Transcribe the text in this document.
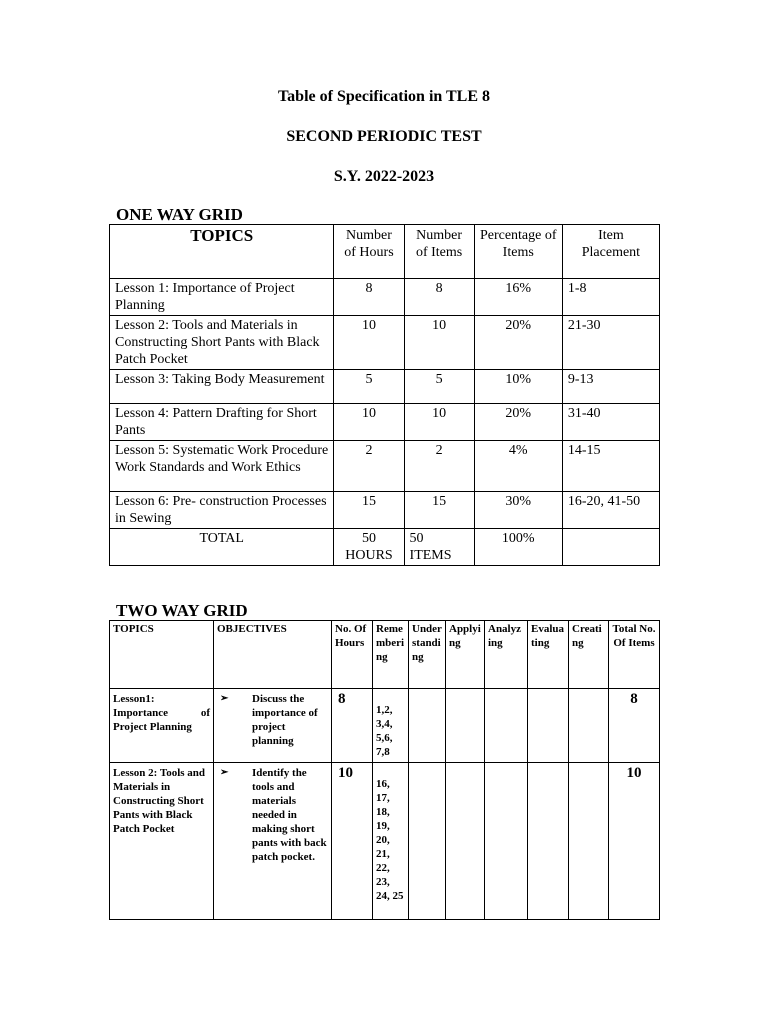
Table of Specification in TLE 8
SECOND PERIODIC TEST
S.Y. 2022-2023
ONE WAY GRID
TOPICS	Number of Hours	Number of Items	Percentage of Items	Item Placement
Lesson 1: Importance of Project Planning	8	8	16%	1-8
Lesson 2: Tools and Materials in Constructing Short Pants with Black Patch Pocket	10	10	20%	21-30
Lesson 3: Taking Body Measurement	5	5	10%	9-13
Lesson 4: Pattern Drafting for Short Pants	10	10	20%	31-40
Lesson 5: Systematic Work Procedure Work Standards and Work Ethics	2	2	4%	14-15
Lesson 6: Pre- construction Processes in Sewing	15	15	30%	16-20, 41-50
TOTAL	50 HOURS	50 ITEMS	100%	
TWO WAY GRID
TOPICS	OBJECTIVES	No. Of Hours	Remembering	Understanding	Applying	Analyzing	Evaluating	Creating	Total No. Of Items
Lesson1: Importance of Project Planning	➢ Discuss the importance of project planning	8	1,2, 3,4, 5,6, 7,8						8
Lesson 2: Tools and Materials in Constructing Short Pants with Black Patch Pocket	➢ Identify the tools and materials needed in making short pants with back patch pocket.	10	16, 17, 18, 19, 20, 21, 22, 23, 24, 25						10
